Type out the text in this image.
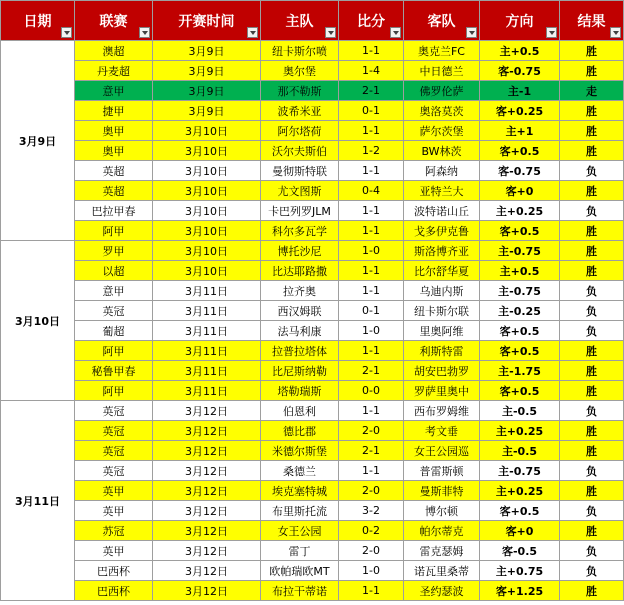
日期	联赛	开赛时间	主队	比分	客队	方向	结果

3月9日	澳超	3月9日	纽卡斯尔喷	1-1	奥克兰FC	主+0.5	胜
	丹麦超	3月9日	奥尔堡	1-4	中日德兰	客-0.75	胜
	意甲	3月9日	那不勒斯	2-1	佛罗伦萨	主-1	走
	捷甲	3月9日	波希米亚	0-1	奥洛莫茨	客+0.25	胜
	奥甲	3月10日	阿尔塔荷	1-1	萨尔茨堡	主+1	胜
	奥甲	3月10日	沃尔夫斯伯	1-2	BW林茨	客+0.5	胜
	英超	3月10日	曼彻斯特联	1-1	阿森纳	客-0.75	负
	英超	3月10日	尤文图斯	0-4	亚特兰大	客+0	胜
	巴拉甲春	3月10日	卡巴列罗JLM	1-1	波特诺山丘	主+0.25	负
	阿甲	3月10日	科尔多瓦学	1-1	戈多伊克鲁	客+0.5	胜
3月10日	罗甲	3月10日	博托沙尼	1-0	斯洛博齐亚	主-0.75	胜
	以超	3月10日	比达耶路撒	1-1	比尔舒华夏	主+0.5	胜
	意甲	3月11日	拉齐奥	1-1	乌迪内斯	主-0.75	负
	英冠	3月11日	西汉姆联	0-1	纽卡斯尔联	主-0.25	负
	葡超	3月11日	法马利康	1-0	里奥阿维	客+0.5	负
	阿甲	3月11日	拉普拉塔体	1-1	利斯特雷	客+0.5	胜
	秘鲁甲春	3月11日	比尼斯纳勒	2-1	胡安巴勃罗	主-1.75	胜
	阿甲	3月11日	塔勒瑞斯	0-0	罗萨里奥中	客+0.5	胜
3月11日	英冠	3月12日	伯恩利	1-1	西布罗姆维	主-0.5	负
	英冠	3月12日	德比郡	2-0	考文垂	主+0.25	胜
	英冠	3月12日	米德尔斯堡	2-1	女王公园巡	主-0.5	胜
	英冠	3月12日	桑德兰	1-1	普雷斯顿	主-0.75	负
	英甲	3月12日	埃克塞特城	2-0	曼斯菲特	主+0.25	胜
	英甲	3月12日	布里斯托流	3-2	博尔顿	客+0.5	负
	苏冠	3月12日	女王公园	0-2	帕尔蒂克	客+0	胜
	英甲	3月12日	雷丁	2-0	雷克瑟姆	客-0.5	负
	巴西杯	3月12日	欧帕瑞欧MT	1-0	诺瓦里桑蒂	主+0.75	负
	巴西杯	3月12日	布拉干蒂诺	1-1	圣约瑟波	客+1.25	胜
